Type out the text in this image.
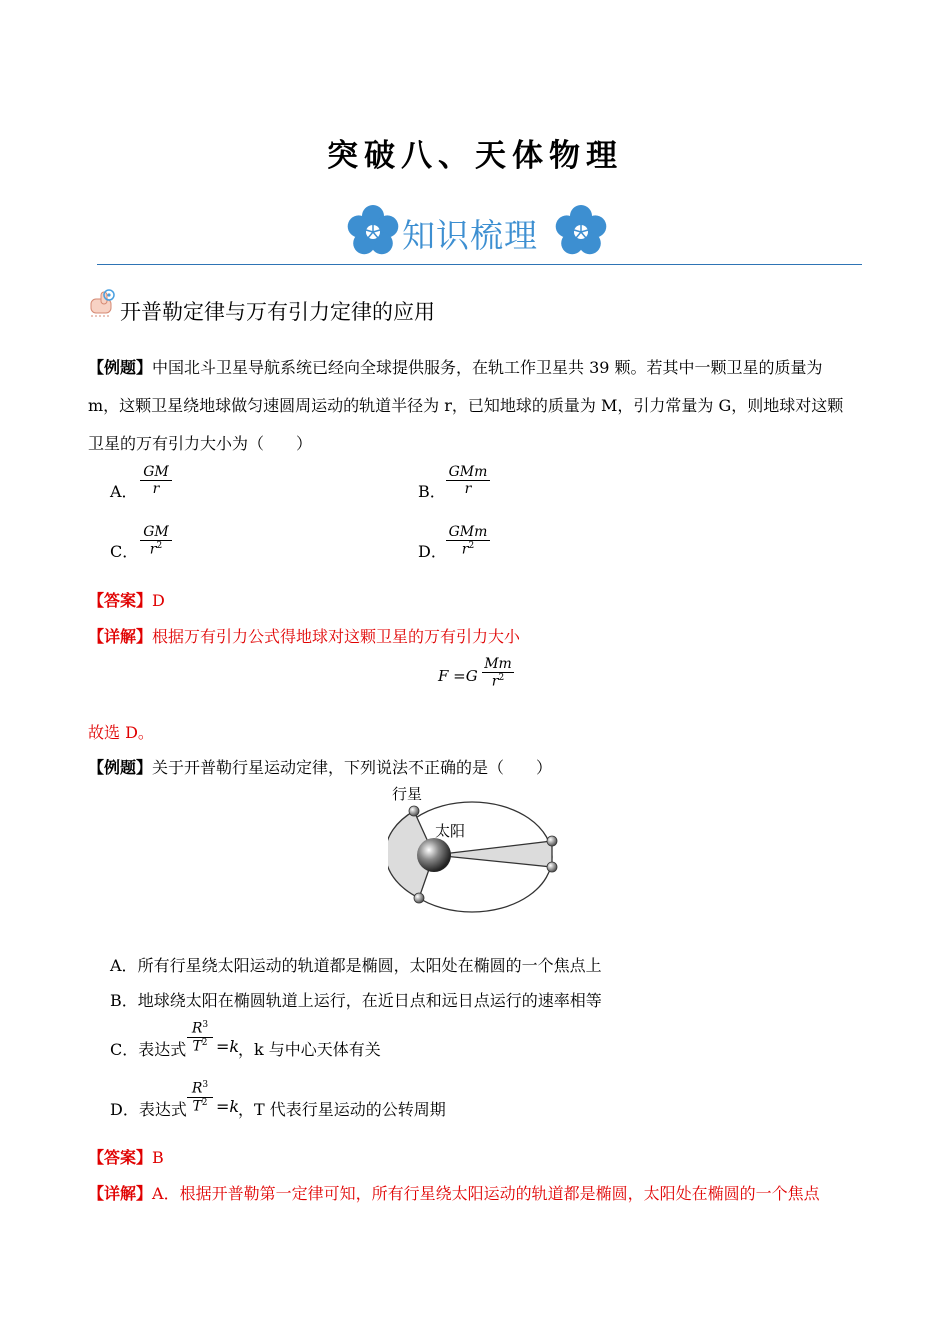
突破八、天体物理
知识梳理
开普勒定律与万有引力定律的应用
【例题】中国北斗卫星导航系统已经向全球提供服务，在轨工作卫星共 39 颗。若其中一颗卫星的质量为
m，这颗卫星绕地球做匀速圆周运动的轨道半径为 r，已知地球的质量为 M，引力常量为 G，则地球对这颗
卫星的万有引力大小为（　　）
A．
GM
r	B．
GMm
r
C．
GM
$r^2$	D．
GMm
$r^2$
【答案】D
【详解】根据万有引力公式得地球对这颗卫星的万有引力大小
F =G
Mm
$r^2$
故选 D。
【例题】关于开普勒行星运动定律，下列说法不正确的是（　　）
行星
太阳
A．所有行星绕太阳运动的轨道都是椭圆，太阳处在椭圆的一个焦点上
B．地球绕太阳在椭圆轨道上运行，在近日点和远日点运行的速率相等
C．表达式
$R^3$
$T^2 =k$
，k 与中心天体有关
D．表达式
$R^3$
$T^2 =k$
，T 代表行星运动的公转周期
【答案】B
【详解】A．根据开普勒第一定律可知，所有行星绕太阳运动的轨道都是椭圆，太阳处在椭圆的一个焦点
